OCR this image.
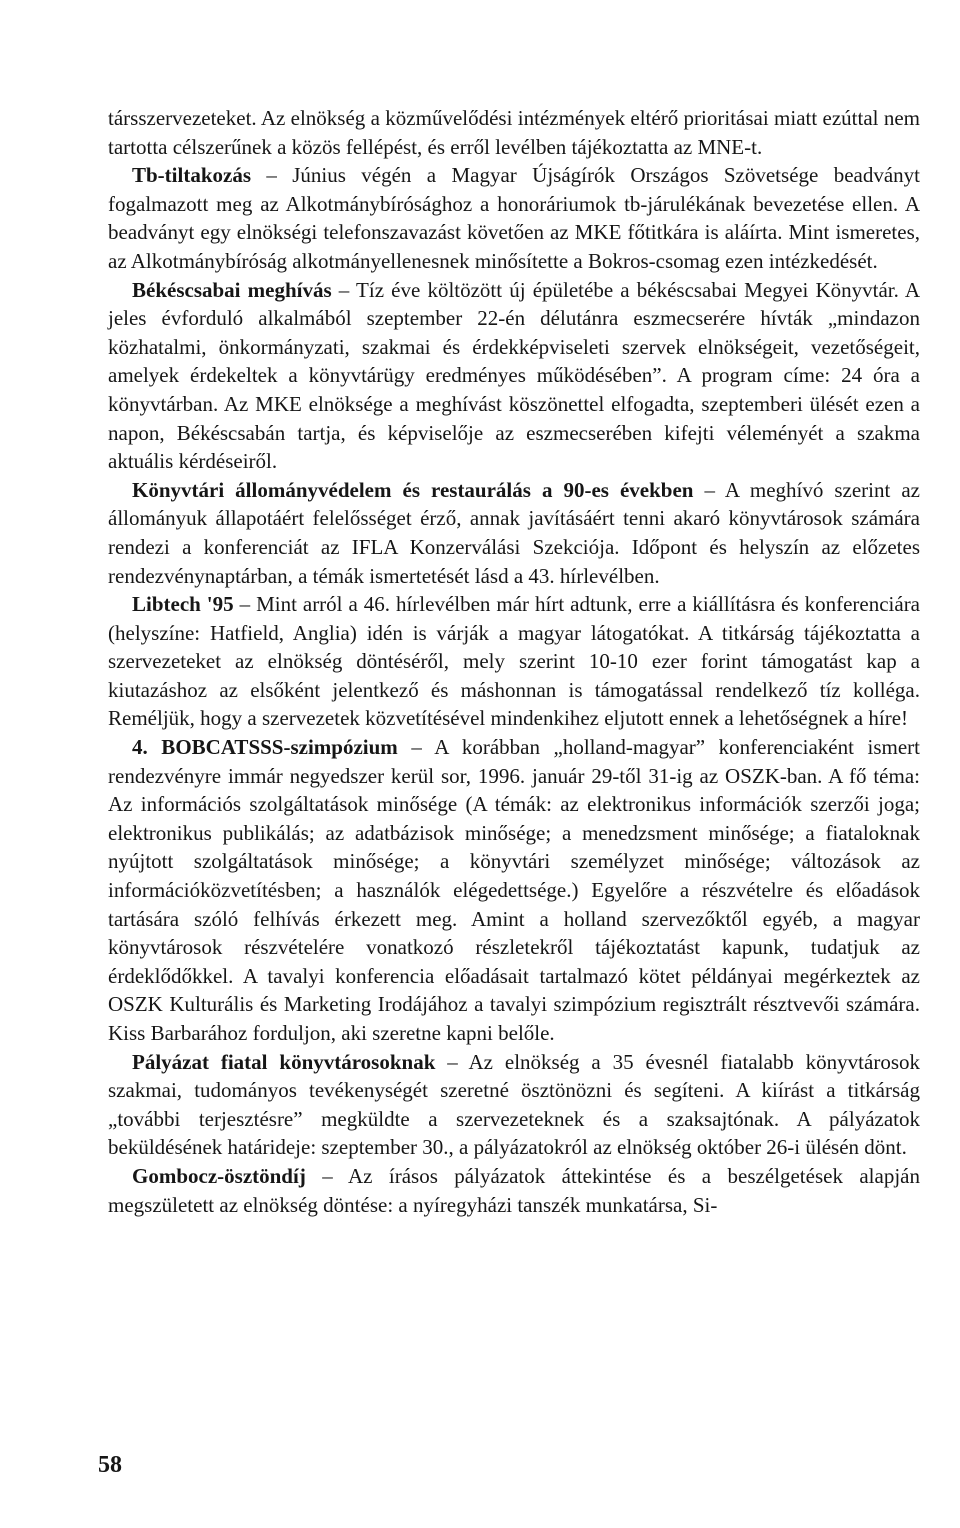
társszervezeteket. Az elnökség a közművelődési intézmények eltérő prioritásai miatt ezúttal nem tartotta célszerűnek a közös fellépést, és erről levélben tájékoztatta az MNE-t.

Tb-tiltakozás – Június végén a Magyar Újságírók Országos Szövetsége beadványt fogalmazott meg az Alkotmánybírósághoz a honoráriumok tb-járulékának bevezetése ellen. A beadványt egy elnökségi telefonszavazást követően az MKE főtitkára is aláírta. Mint ismeretes, az Alkotmánybíróság alkotmányellenesnek minősítette a Bokros-csomag ezen intézkedését.

Békéscsabai meghívás – Tíz éve költözött új épületébe a békéscsabai Megyei Könyvtár. A jeles évforduló alkalmából szeptember 22-én délutánra eszmecserére hívták „mindazon közhatalmi, önkormányzati, szakmai és érdekképviseleti szervek elnökségeit, vezetőségeit, amelyek érdekeltek a könyvtárügy eredményes működésében”. A program címe: 24 óra a könyvtárban. Az MKE elnöksége a meghívást köszönettel elfogadta, szeptemberi ülését ezen a napon, Békéscsabán tartja, és képviselője az eszmecserében kifejti véleményét a szakma aktuális kérdéseiről.

Könyvtári állományvédelem és restaurálás a 90-es években – A meghívó szerint az állományuk állapotáért felelősséget érző, annak javításáért tenni akaró könyvtárosok számára rendezi a konferenciát az IFLA Konzerválási Szekciója. Időpont és helyszín az előzetes rendezvénynaptárban, a témák ismertetését lásd a 43. hírlevélben.

Libtech '95 – Mint arról a 46. hírlevélben már hírt adtunk, erre a kiállításra és konferenciára (helyszíne: Hatfield, Anglia) idén is várják a magyar látogatókat. A titkárság tájékoztatta a szervezeteket az elnökség döntéséről, mely szerint 10-10 ezer forint támogatást kap a kiutazáshoz az elsőként jelentkező és máshonnan is támogatással rendelkező tíz kolléga. Reméljük, hogy a szervezetek közvetítésével mindenkihez eljutott ennek a lehetőségnek a híre!

4. BOBCATSSS-szimpózium – A korábban „holland-magyar” konferenciaként ismert rendezvényre immár negyedszer kerül sor, 1996. január 29-től 31-ig az OSZK-ban. A fő téma: Az információs szolgáltatások minősége (A témák: az elektronikus információk szerzői joga; elektronikus publikálás; az adatbázisok minősége; a menedzsment minősége; a fiataloknak nyújtott szolgáltatások minősége; a könyvtári személyzet minősége; változások az információközvetítésben; a használók elégedettsége.) Egyelőre a részvételre és előadások tartására szóló felhívás érkezett meg. Amint a holland szervezőktől egyéb, a magyar könyvtárosok részvételére vonatkozó részletekről tájékoztatást kapunk, tudatjuk az érdeklődőkkel. A tavalyi konferencia előadásait tartalmazó kötet példányai megérkeztek az OSZK Kulturális és Marketing Irodájához a tavalyi szimpózium regisztrált résztvevői számára. Kiss Barbarához forduljon, aki szeretne kapni belőle.

Pályázat fiatal könyvtárosoknak – Az elnökség a 35 évesnél fiatalabb könyvtárosok szakmai, tudományos tevékenységét szeretné ösztönözni és segíteni. A kiírást a titkárság „további terjesztésre” megküldte a szervezeteknek és a szaksajtónak. A pályázatok beküldésének határideje: szeptember 30., a pályázatokról az elnökség október 26-i ülésén dönt.

Gombocz-ösztöndíj – Az írásos pályázatok áttekintése és a beszélgetések alapján megszületett az elnökség döntése: a nyíregyházi tanszék munkatársa, Si-

58
